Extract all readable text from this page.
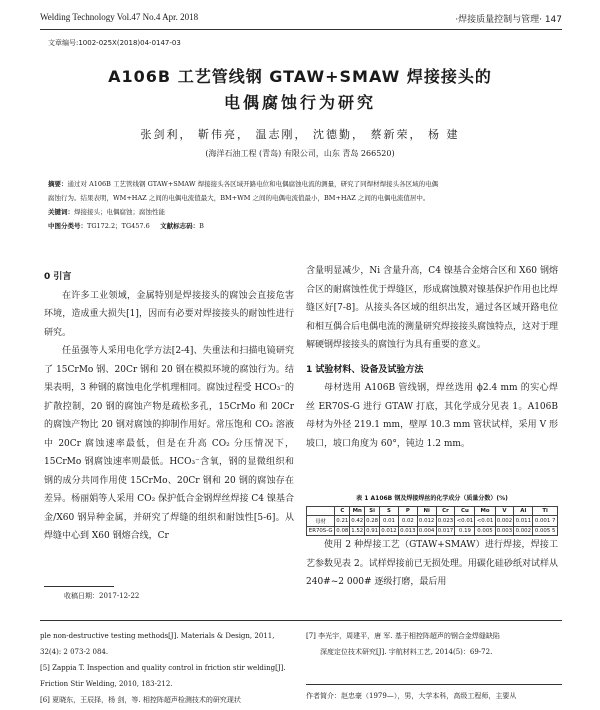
Welding Technology Vol.47 No.4 Apr. 2018	·焊接质量控制与管理· 147
文章编号:1002-025X(2018)04-0147-03
A106B 工艺管线钢 GTAW+SMAW 焊接接头的
电偶腐蚀行为研究
张剑利， 靳伟亮， 温志刚， 沈德勤， 蔡新荣， 杨 建
(海洋石油工程 (青岛) 有限公司，山东 青岛 266520)
摘要：通过对 A106B 工艺管线钢 GTAW+SMAW 焊接接头各区域开路电位和电偶腐蚀电流的测量，研究了同焊材焊接头各区域的电偶
腐蚀行为。结果表明，WM+HAZ 之间的电偶电流值最大，BM+WM 之间的电偶电流值最小，BM+HAZ 之间的电偶电流值居中。
关键词：焊接接头；电偶腐蚀；腐蚀性能
中图分类号：TG172.2；TG457.6 文献标志码：B
0 引言

在许多工业领域，金属特别是焊接接头的腐蚀会直接危害环境，造成重大损失[1]，因而有必要对焊接接头的耐蚀性进行研究。

任虽强等人采用电化学方法[2-4]、失重法和扫描电镜研究了 15CrMo 钢、20Cr 钢和 20 钢在模拟环境的腐蚀行为。结果表明，3 种钢的腐蚀电化学机理相同。腐蚀过程受 HCO₃⁻的扩散控制，20 钢的腐蚀产物是疏松多孔，15CrMo 和 20Cr 的腐蚀产物比 20 钢对腐蚀的抑制作用好。常压饱和 CO₂ 溶液中 20Cr 腐蚀速率最低，但是在升高 CO₂ 分压情况下，15CrMo 钢腐蚀速率则最低。HCO₃⁻含氧，钢的显微组织和钢的成分共同作用使 15CrMo、20Cr 钢和 20 钢的腐蚀存在差异。杨丽娟等人采用 CO₂ 保护低合金钢焊丝焊接 C4 镍基合金/X60 钢异种金属，并研究了焊缝的组织和耐蚀性[5-6]。从焊缝中心到 X60 钢熔合线，Cr

收稿日期：2017-12-22

含量明显减少，Ni 含量升高，C4 镍基合金熔合区和 X60 钢熔合区的耐腐蚀性优于焊缝区，形成腐蚀膜对镍基保护作用也比焊缝区好[7-8]。从接头各区域的组织出发，通过各区域开路电位和相互偶合后电偶电流的测量研究焊接接头腐蚀特点，这对于理解硬钢焊接接头的腐蚀行为具有重要的意义。

1 试验材料、设备及试验方法

母材选用 A106B 管线钢，焊丝选用 ϕ2.4 mm 的实心焊丝 ER70S-G 进行 GTAW 打底，其化学成分见表 1。A106B 母材为外径 219.1 mm，壁厚 10.3 mm 管状试样，采用 V 形坡口，坡口角度为 60°，钝边 1.2 mm。

表 1 A106B 钢及焊接焊丝的化学成分（质量分数）(%)
	C	Mn	Si	S	P	Ni	Cr	Cu	Mo	V	Al	Ti
母材	0.21	0.42	0.28	0.01	0.02	0.012	0.023	<0.01	<0.01	0.002	0.011	0.001 7
ER70S-G	0.08	1.52	0.91	0.012	0.013	0.004	0.017	0.19	0.005	0.003	0.002	0.005 5

使用 2 种焊接工艺（GTAW+SMAW）进行焊接，焊接工艺参数见表 2。试样焊接前已无损处理。用碳化硅砂纸对试样从 240#~2 000# 逐级打磨，最后用

ple non-destructive testing methods[J]. Materials & Design, 2011, 32(4): 2 073-2 084.
[5] Zappia T. Inspection and quality control in friction stir welding[J]. Friction Stir Welding, 2010, 183-212.
[6] 夏晓东，王辰择，杨 剑，等. 相控阵超声检测技术的研究现状
[7] 李光宇，周建平，唐 军. 基于相控阵超声的钢合金焊缝缺陷
深度定位技术研究[J]. 宇航材料工艺, 2014(5)：69-72.
作者简介：赵忠豪（1979—），男，大学本科，高级工程师，主要从
